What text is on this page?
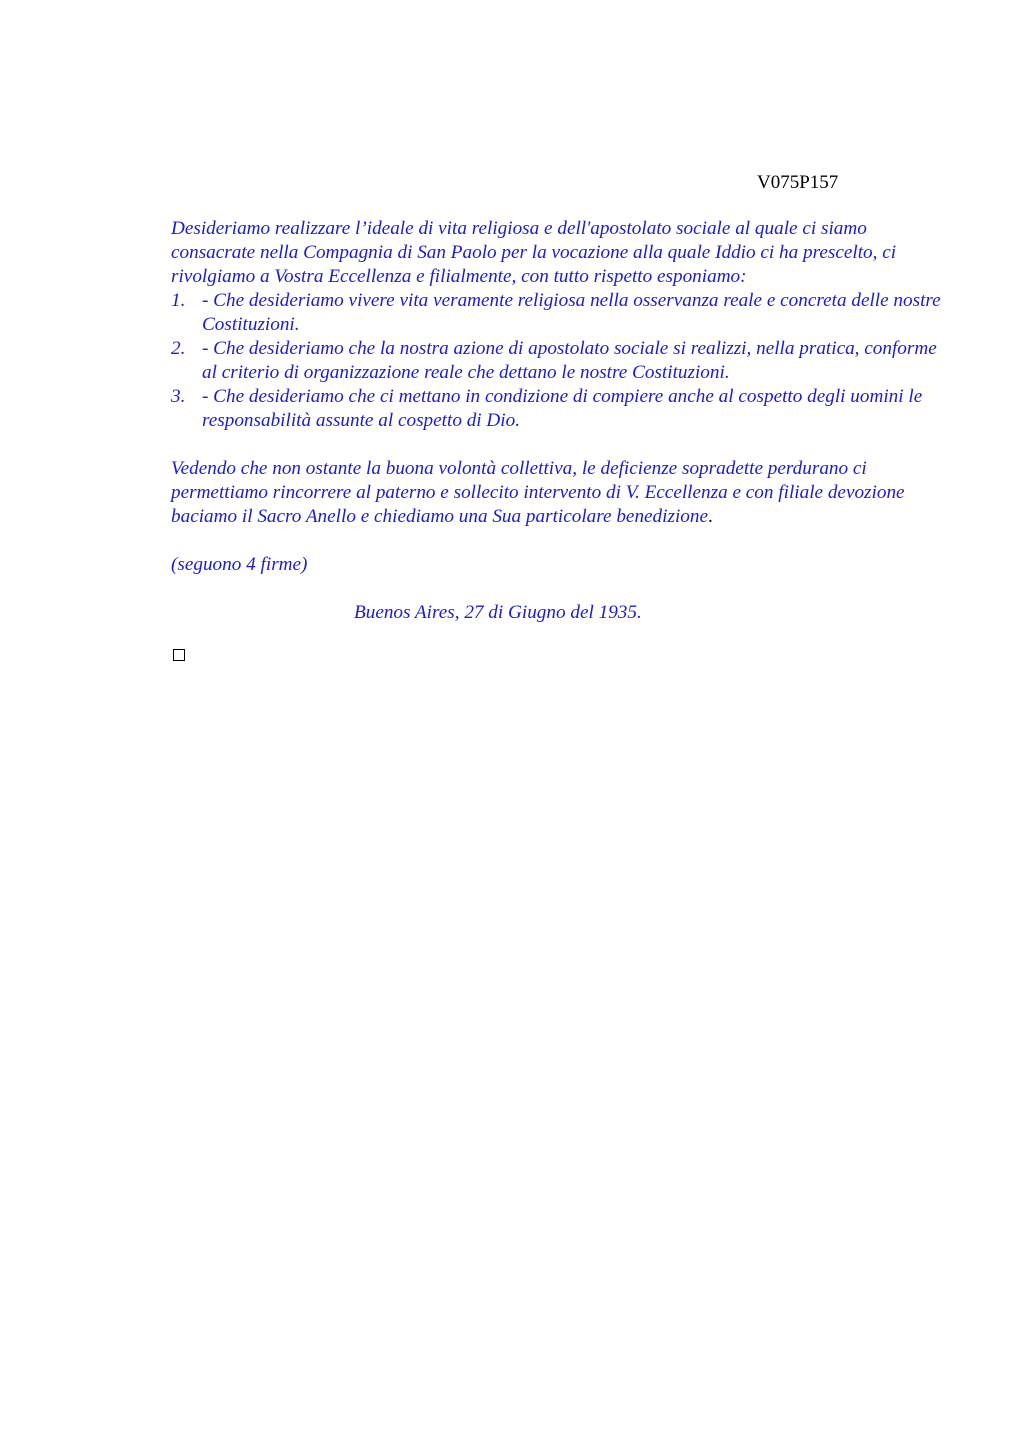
V075P157

Desideriamo realizzare l’ideale di vita religiosa e dell'apostolato sociale al quale ci siamo consacrate nella Compagnia di San Paolo per la vocazione alla quale Iddio ci ha prescelto, ci rivolgiamo a Vostra Eccellenza e filialmente, con tutto rispetto esponiamo:

1. - Che desideriamo vivere vita veramente religiosa nella osservanza reale e concreta delle nostre Costituzioni.
2. - Che desideriamo che la nostra azione di apostolato sociale si realizzi, nella pratica, conforme al criterio di organizzazione reale che dettano le nostre Costituzioni.
3. - Che desideriamo che ci mettano in condizione di compiere anche al cospetto degli uomini le responsabilità assunte al cospetto di Dio.

Vedendo che non ostante la buona volontà collettiva, le deficienze sopradette perdurano ci permettiamo rincorrere al paterno e sollecito intervento di V. Eccellenza e con filiale devozione baciamo il Sacro Anello e chiediamo una Sua particolare benedizione.

(seguono 4 firme)

Buenos Aires, 27 di Giugno del 1935.
